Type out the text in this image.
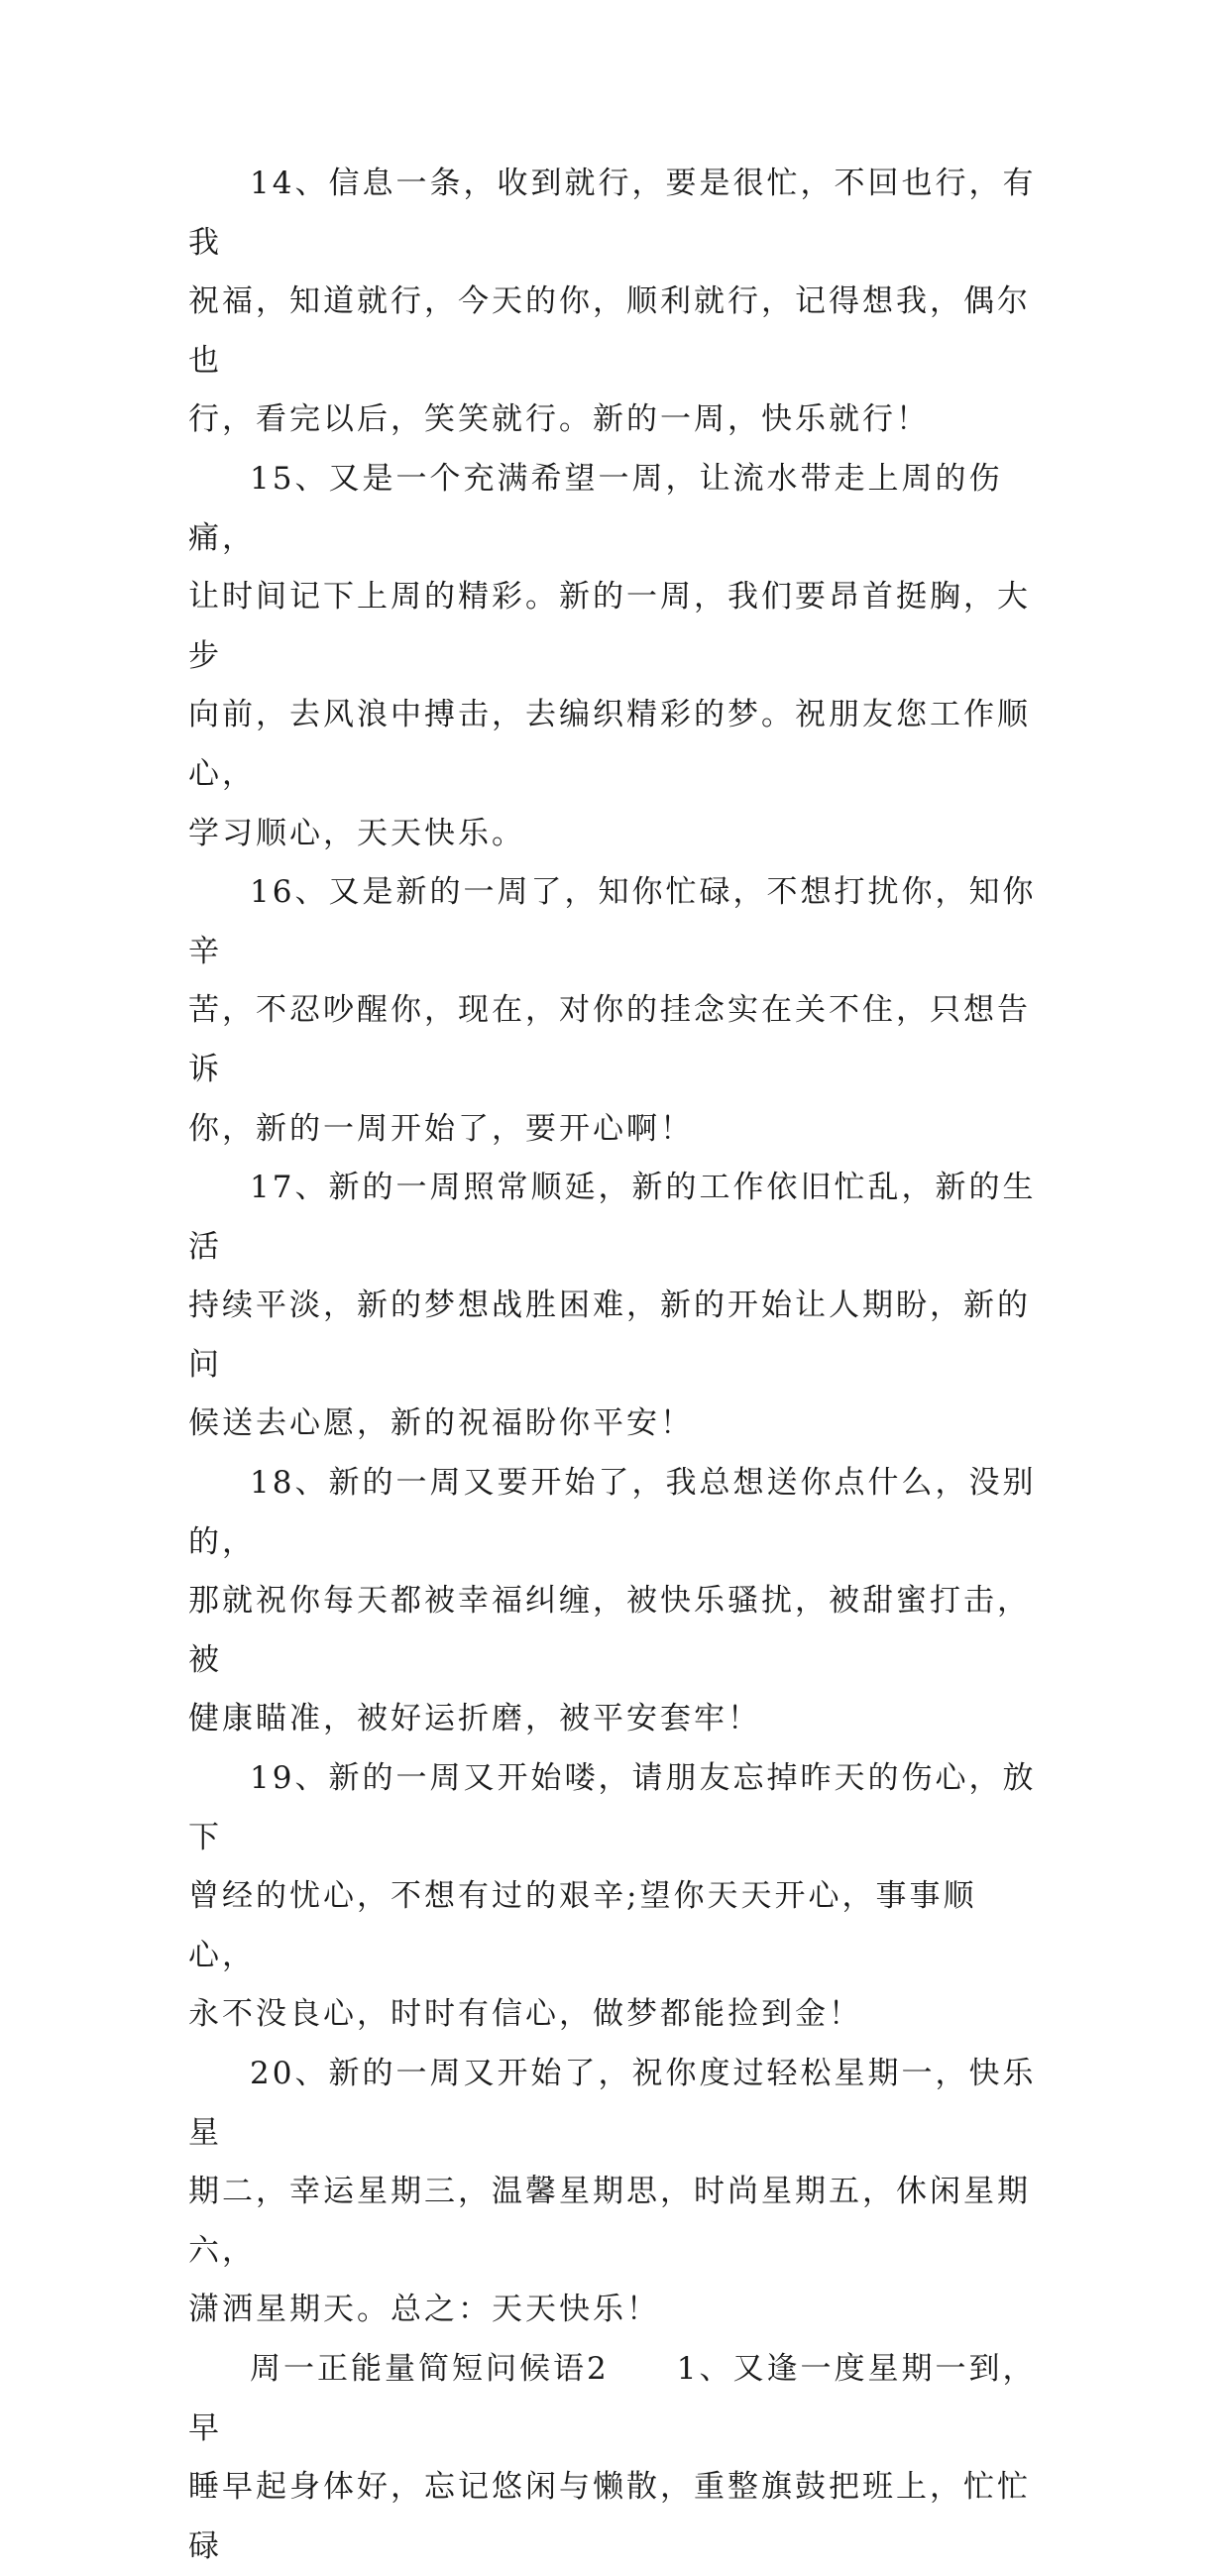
14、信息一条，收到就行，要是很忙，不回也行，有我
祝福，知道就行，今天的你，顺利就行，记得想我，偶尔也
行，看完以后，笑笑就行。新的一周，快乐就行！

15、又是一个充满希望一周，让流水带走上周的伤痛，
让时间记下上周的精彩。新的一周，我们要昂首挺胸，大步
向前，去风浪中搏击，去编织精彩的梦。祝朋友您工作顺心，
学习顺心，天天快乐。

16、又是新的一周了，知你忙碌，不想打扰你，知你辛
苦，不忍吵醒你，现在，对你的挂念实在关不住，只想告诉
你，新的一周开始了，要开心啊！

17、新的一周照常顺延，新的工作依旧忙乱，新的生活
持续平淡，新的梦想战胜困难，新的开始让人期盼，新的问
候送去心愿，新的祝福盼你平安！

18、新的一周又要开始了，我总想送你点什么，没别的，
那就祝你每天都被幸福纠缠，被快乐骚扰，被甜蜜打击，被
健康瞄准，被好运折磨，被平安套牢！

19、新的一周又开始喽，请朋友忘掉昨天的伤心，放下
曾经的忧心，不想有过的艰辛;望你天天开心，事事顺心，
永不没良心，时时有信心，做梦都能捡到金！

20、新的一周又开始了，祝你度过轻松星期一，快乐星
期二，幸运星期三，温馨星期思，时尚星期五，休闲星期六，
潇洒星期天。总之：天天快乐！

周一正能量简短问候语2　　1、又逢一度星期一到，早
睡早起身体好，忘记悠闲与懒散，重整旗鼓把班上，忙忙碌
